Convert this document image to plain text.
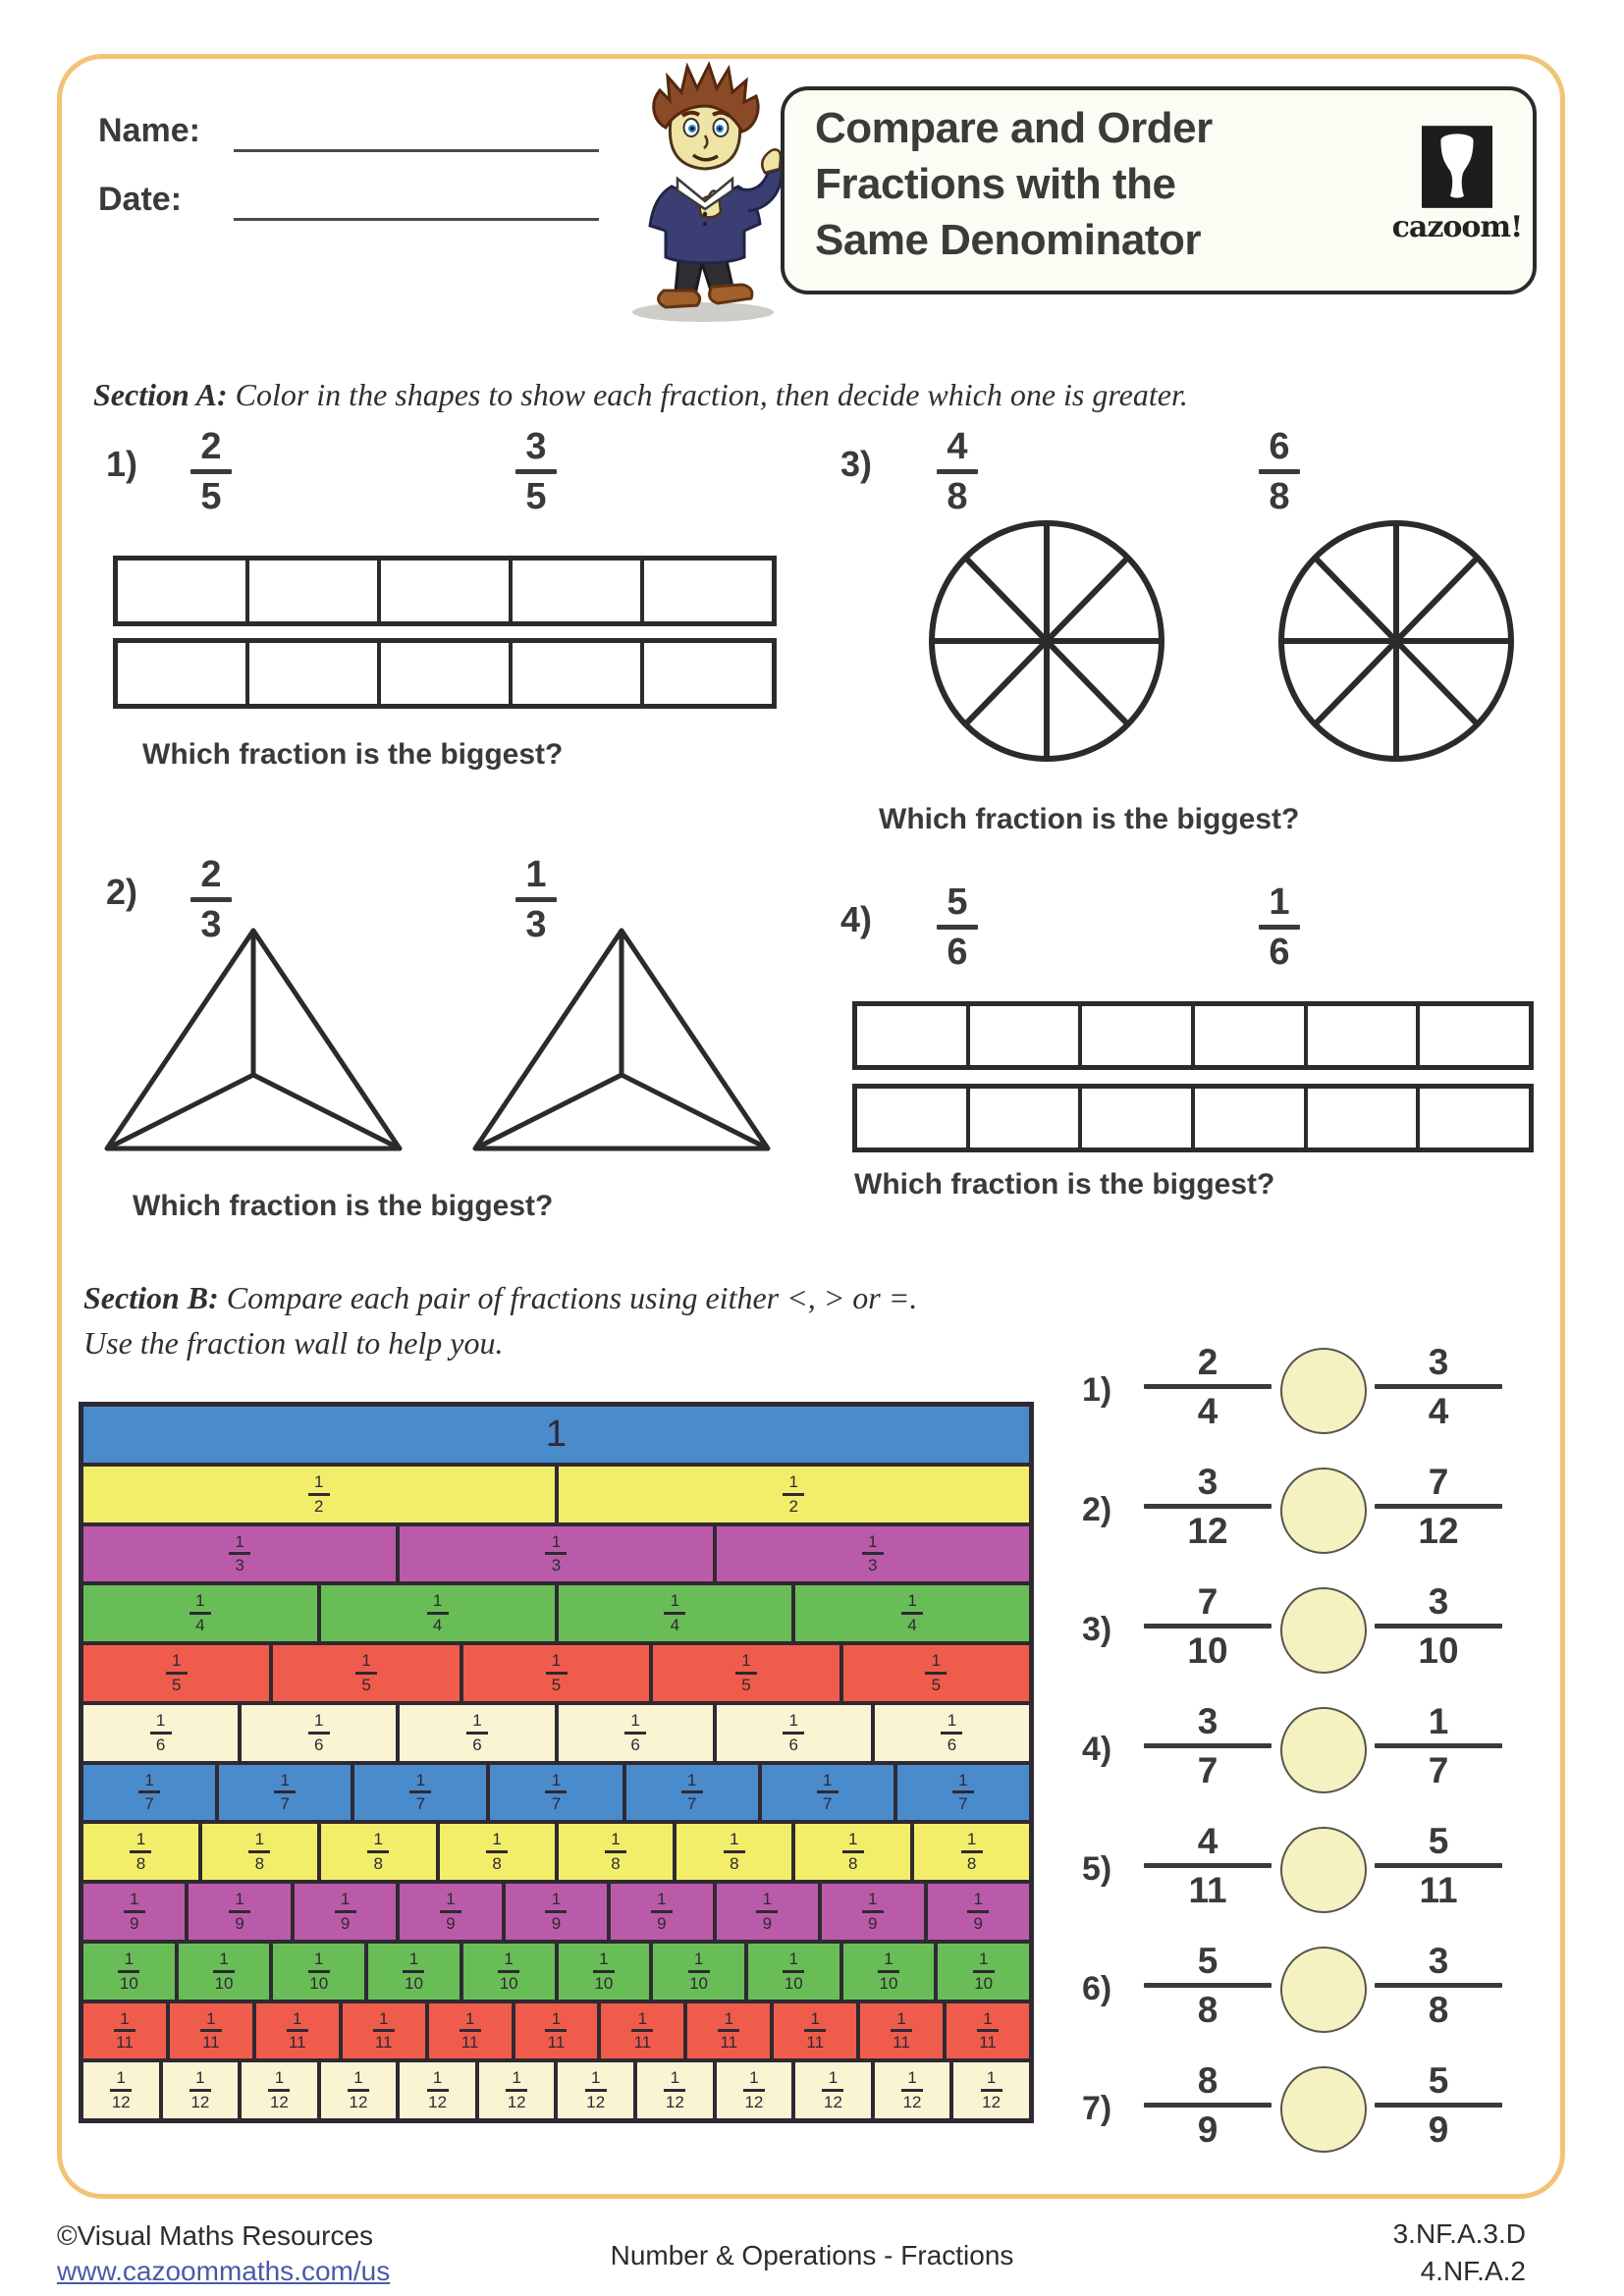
Name:
Date:
Compare and Order
Fractions with the
Same Denominator	cazoom!
Section A: Color in the shapes to show each fraction, then decide which one is greater.
1) 2
5
3
5
Which fraction is the biggest?
3) 4
8
6
8
Which fraction is the biggest?
2) 2
3
1
3
Which fraction is the biggest?
4) 5
6
1
6
Which fraction is the biggest?
Section B: Compare each pair of fractions using either <, > or =.
Use the fraction wall to help you.
1
1
2
1
2
1
3
1
3
1
3
1
4
1
4
1
4
1
4
1
5
1
5
1
5
1
5
1
5
1
6
1
6
1
6
1
6
1
6
1
6
1
7
1
7
1
7
1
7
1
7
1
7
1
7
1
8
1
8
1
8
1
8
1
8
1
8
1
8
1
8
1
9
1
9
1
9
1
9
1
9
1
9
1
9
1
9
1
9
1
10
1
10
1
10
1
10
1
10
1
10
1
10
1
10
1
10
1
10
1
11
1
11
1
11
1
11
1
11
1
11
1
11
1
11
1
11
1
11
1
11
1
12
1
12
1
12
1
12
1
12
1
12
1
12
1
12
1
12
1
12
1
12
1
12
1)
2
4
3
4
2)
3
12
7
12
3)
7
10
3
10
4)
3
7
1
7
5)
4
11
5
11
6)
5
8
3
8
7)
8
9
5
9
©Visual Maths Resources
www.cazoommaths.com/us
Number & Operations - Fractions
3.NF.A.3.D
4.NF.A.2
